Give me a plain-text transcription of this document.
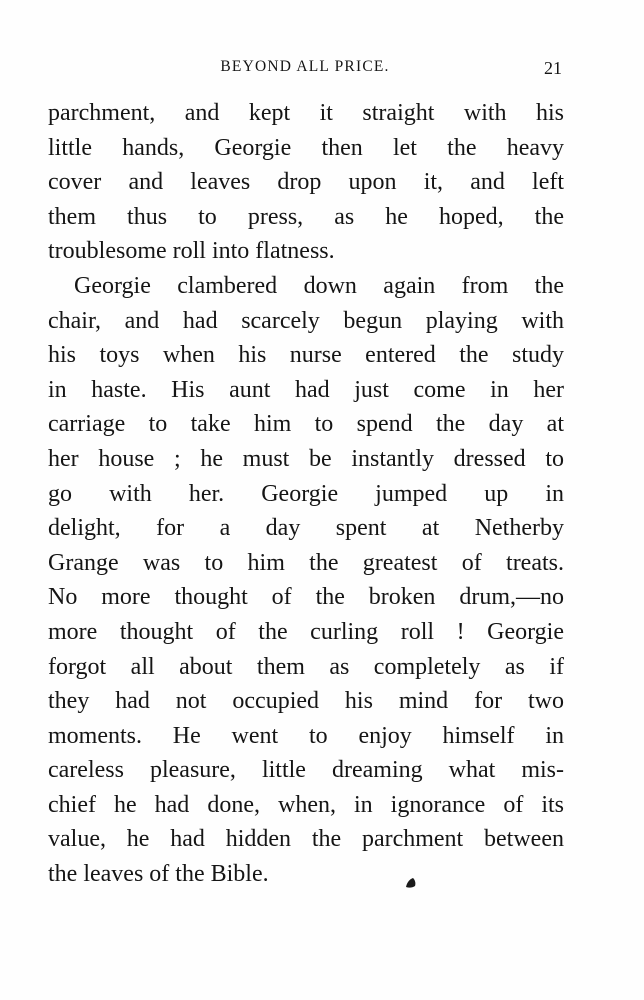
BEYOND ALL PRICE.	21
parchment, and kept it straight with his
little hands, Georgie then let the heavy
cover and leaves drop upon it, and left
them thus to press, as he hoped, the
troublesome roll into flatness.
Georgie clambered down again from the
chair, and had scarcely begun playing with
his toys when his nurse entered the study
in haste. His aunt had just come in her
carriage to take him to spend the day at
her house ; he must be instantly dressed to
go with her. Georgie jumped up in
delight, for a day spent at Netherby
Grange was to him the greatest of treats.
No more thought of the broken drum,—no
more thought of the curling roll ! Georgie
forgot all about them as completely as if
they had not occupied his mind for two
moments. He went to enjoy himself in
careless pleasure, little dreaming what mis-
chief he had done, when, in ignorance of its
value, he had hidden the parchment between
the leaves of the Bible.
